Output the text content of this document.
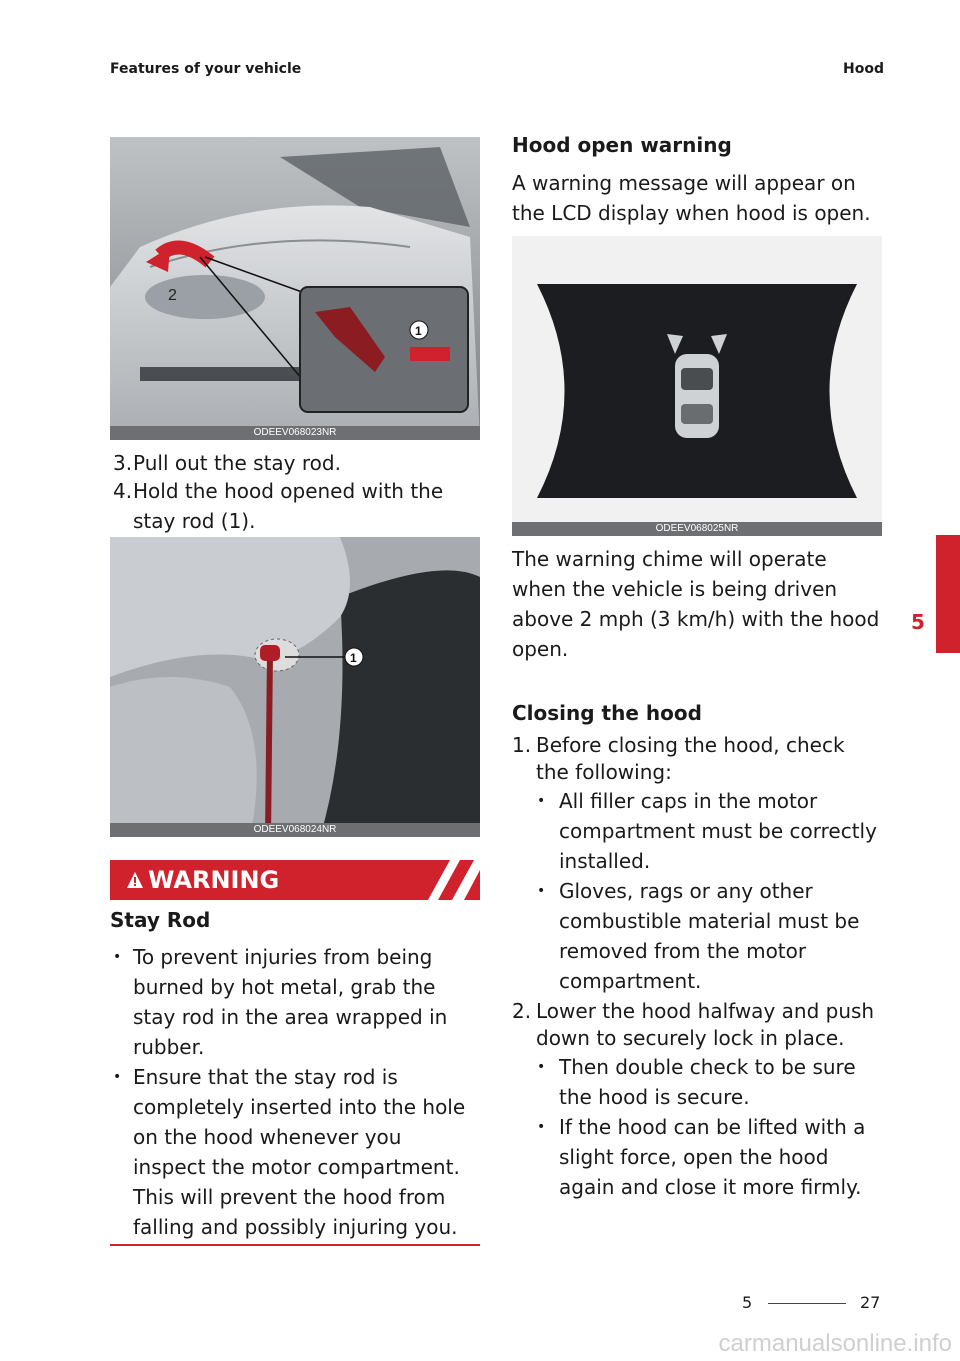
Features of your vehicle	Hood
1
2
ODEEV068023NR
3. Pull out the stay rod.
4. Hold the hood opened with the stay rod (1).
1
ODEEV068024NR
WARNING
Stay Rod
• To prevent injuries from being burned by hot metal, grab the stay rod in the area wrapped in rubber.
• Ensure that the stay rod is completely inserted into the hole on the hood whenever you inspect the motor compartment. This will prevent the hood from falling and possibly injuring you.
Hood open warning
A warning message will appear on the LCD display when hood is open.
ODEEV068025NR
The warning chime will operate when the vehicle is being driven above 2 mph (3 km/h) with the hood open.
Closing the hood
1. Before closing the hood, check the following:
• All filler caps in the motor compartment must be correctly installed.
• Gloves, rags or any other combustible material must be removed from the motor compartment.
2. Lower the hood halfway and push down to securely lock in place.
• Then double check to be sure the hood is secure.
• If the hood can be lifted with a slight force, open the hood again and close it more firmly.
5
5	27
carmanualsonline.info
